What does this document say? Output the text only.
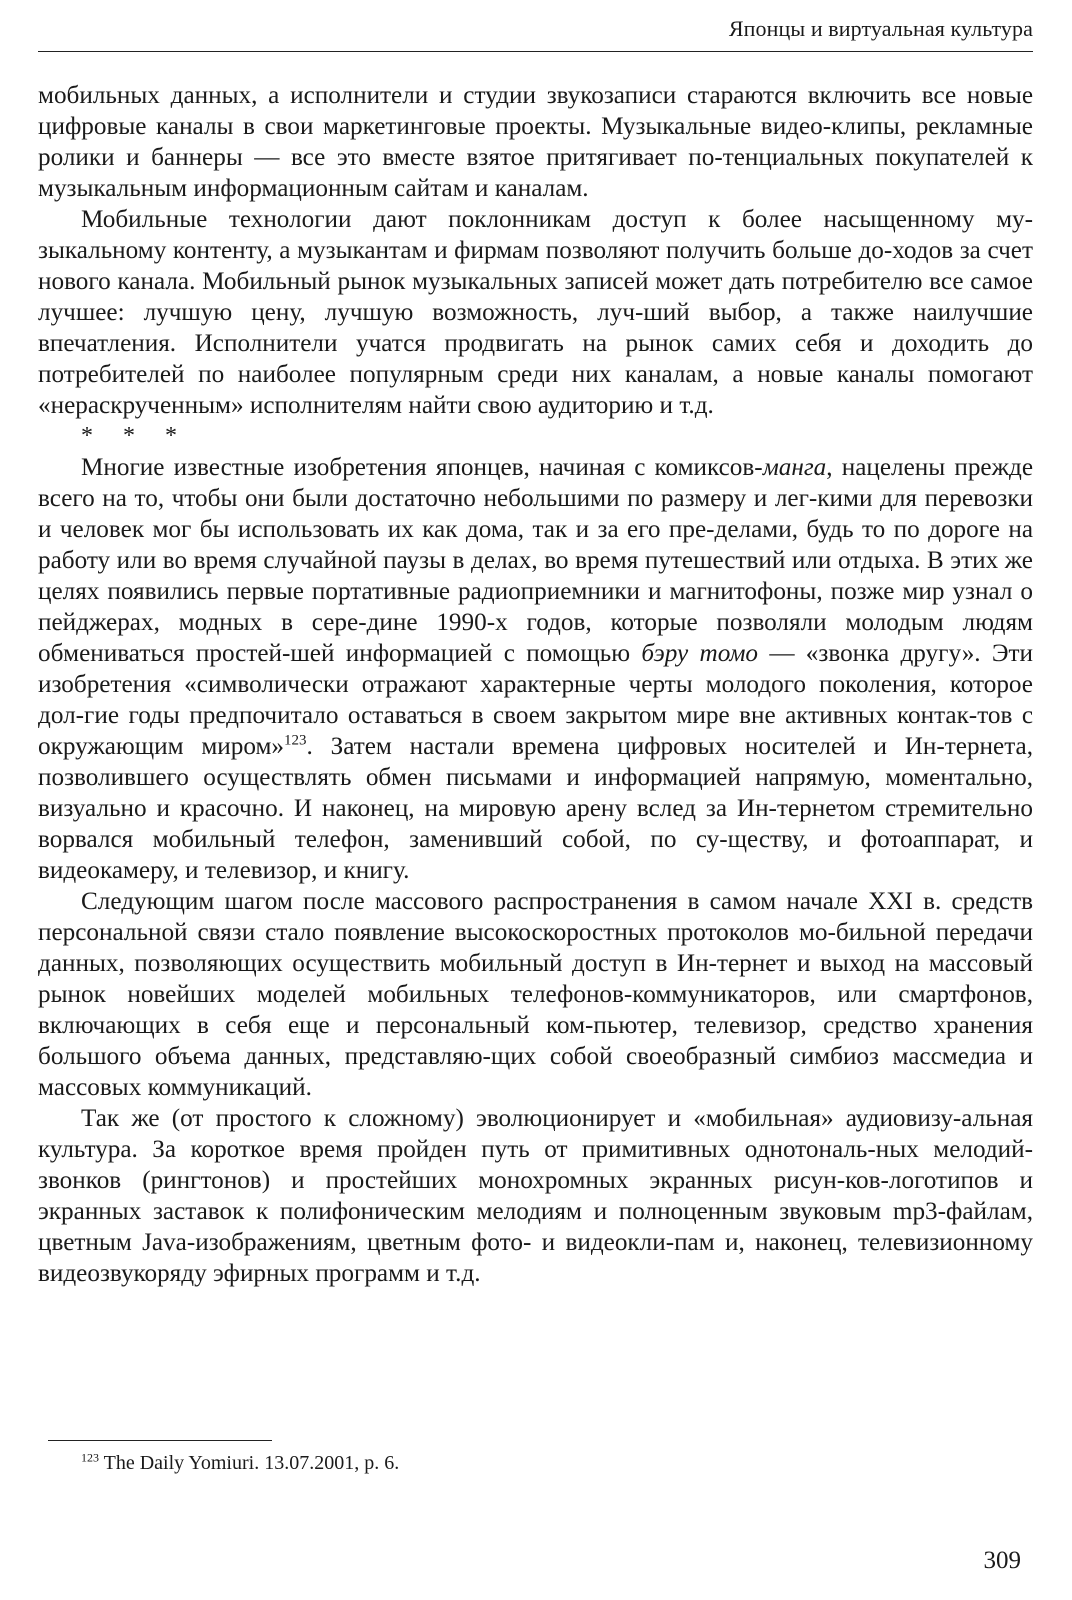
Японцы и виртуальная культура

мобильных данных, а исполнители и студии звукозаписи стараются включить все новые цифровые каналы в свои маркетинговые проекты. Музыкальные видео-клипы, рекламные ролики и баннеры — все это вместе взятое притягивает по-тенциальных покупателей к музыкальным информационным сайтам и каналам.

Мобильные технологии дают поклонникам доступ к более насыщенному му-зыкальному контенту, а музыкантам и фирмам позволяют получить больше до-ходов за счет нового канала. Мобильный рынок музыкальных записей может дать потребителю все самое лучшее: лучшую цену, лучшую возможность, луч-ший выбор, а также наилучшие впечатления. Исполнители учатся продвигать на рынок самих себя и доходить до потребителей по наиболее популярным среди них каналам, а новые каналы помогают «нераскрученным» исполнителям найти свою аудиторию и т.д.

* * *

Многие известные изобретения японцев, начиная с комиксов-манга, нацелены прежде всего на то, чтобы они были достаточно небольшими по размеру и лег-кими для перевозки и человек мог бы использовать их как дома, так и за его пре-делами, будь то по дороге на работу или во время случайной паузы в делах, во время путешествий или отдыха. В этих же целях появились первые портативные радиоприемники и магнитофоны, позже мир узнал о пейджерах, модных в сере-дине 1990-х годов, которые позволяли молодым людям обмениваться простей-шей информацией с помощью бэру томо — «звонка другу». Эти изобретения «символически отражают характерные черты молодого поколения, которое дол-гие годы предпочитало оставаться в своем закрытом мире вне активных контак-тов с окружающим миром»$^{123}$. Затем настали времена цифровых носителей и Ин-тернета, позволившего осуществлять обмен письмами и информацией напрямую, моментально, визуально и красочно. И наконец, на мировую арену вслед за Ин-тернетом стремительно ворвался мобильный телефон, заменивший собой, по су-ществу, и фотоаппарат, и видеокамеру, и телевизор, и книгу.

Следующим шагом после массового распространения в самом начале XXI в. средств персональной связи стало появление высокоскоростных протоколов мо-бильной передачи данных, позволяющих осуществить мобильный доступ в Ин-тернет и выход на массовый рынок новейших моделей мобильных телефонов-коммуникаторов, или смартфонов, включающих в себя еще и персональный ком-пьютер, телевизор, средство хранения большого объема данных, представляю-щих собой своеобразный симбиоз массмедиа и массовых коммуникаций.

Так же (от простого к сложному) эволюционирует и «мобильная» аудиовизу-альная культура. За короткое время пройден путь от примитивных однотональ-ных мелодий-звонков (рингтонов) и простейших монохромных экранных рисун-ков-логотипов и экранных заставок к полифоническим мелодиям и полноценным звуковым mp3-файлам, цветным Java-изображениям, цветным фото- и видеокли-пам и, наконец, телевизионному видеозвукоряду эфирных программ и т.д.

$^{123}$ The Daily Yomiuri. 13.07.2001, p. 6.
309
